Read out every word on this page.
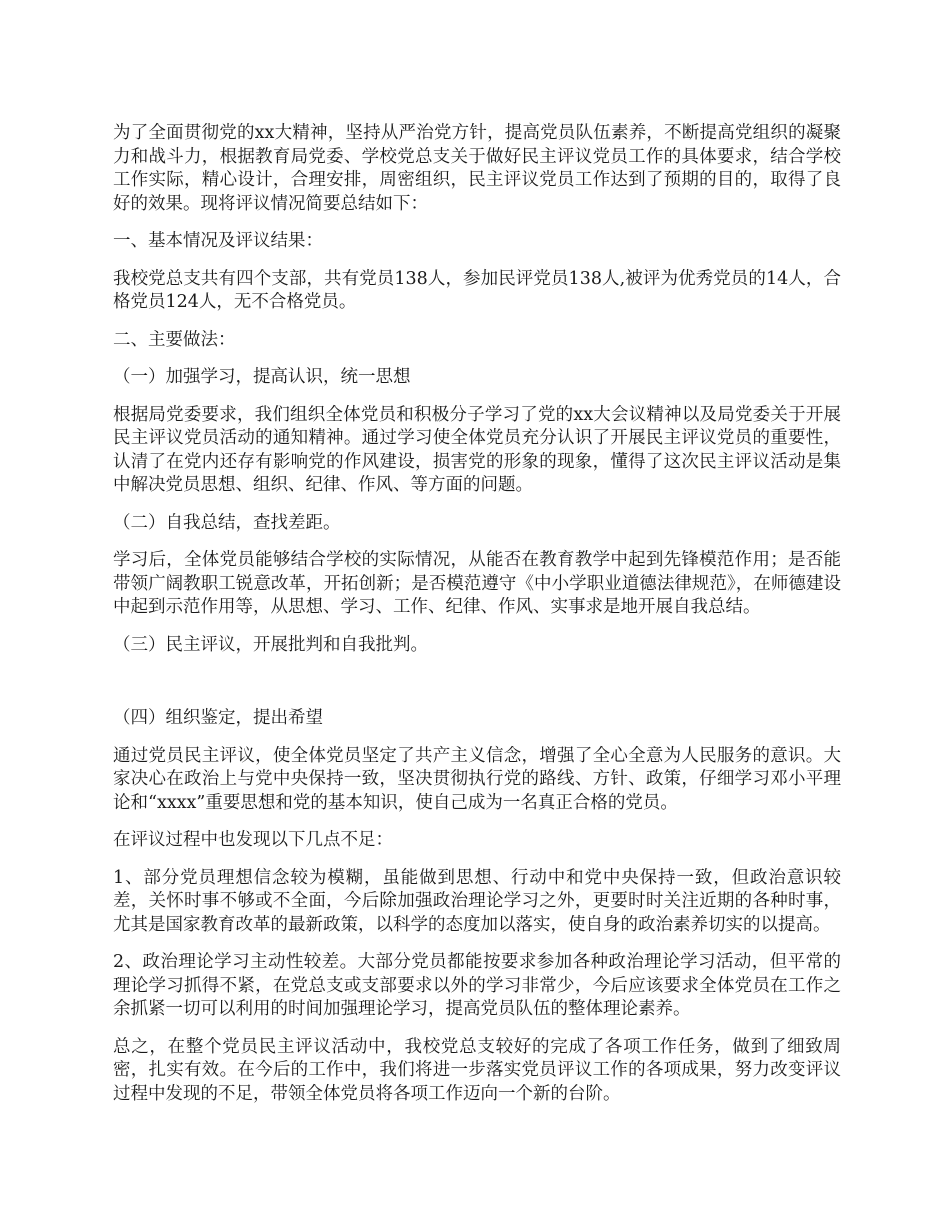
为了全面贯彻党的xx大精神，坚持从严治党方针，提高党员队伍素养，不断提高党组织的凝聚力和战斗力，根据教育局党委、学校党总支关于做好民主评议党员工作的具体要求，结合学校工作实际，精心设计，合理安排，周密组织，民主评议党员工作达到了预期的目的，取得了良好的效果。现将评议情况简要总结如下：

一、基本情况及评议结果：

我校党总支共有四个支部，共有党员138人，参加民评党员138人,被评为优秀党员的14人，合格党员124人，无不合格党员。

二、主要做法：

（一）加强学习，提高认识，统一思想

根据局党委要求，我们组织全体党员和积极分子学习了党的xx大会议精神以及局党委关于开展民主评议党员活动的通知精神。通过学习使全体党员充分认识了开展民主评议党员的重要性，认清了在党内还存有影响党的作风建设，损害党的形象的现象，懂得了这次民主评议活动是集中解决党员思想、组织、纪律、作风、等方面的问题。

（二）自我总结，查找差距。

学习后，全体党员能够结合学校的实际情况，从能否在教育教学中起到先锋模范作用；是否能带领广阔教职工锐意改革，开拓创新；是否模范遵守《中小学职业道德法律规范》，在师德建设中起到示范作用等，从思想、学习、工作、纪律、作风、实事求是地开展自我总结。

（三）民主评议，开展批判和自我批判。

（四）组织鉴定，提出希望

通过党员民主评议，使全体党员坚定了共产主义信念，增强了全心全意为人民服务的意识。大家决心在政治上与党中央保持一致，坚决贯彻执行党的路线、方针、政策，仔细学习邓小平理论和“xxxx”重要思想和党的基本知识，使自己成为一名真正合格的党员。

在评议过程中也发现以下几点不足：

1、部分党员理想信念较为模糊，虽能做到思想、行动中和党中央保持一致，但政治意识较差，关怀时事不够或不全面，今后除加强政治理论学习之外，更要时时关注近期的各种时事，尤其是国家教育改革的最新政策，以科学的态度加以落实，使自身的政治素养切实的以提高。

2、政治理论学习主动性较差。大部分党员都能按要求参加各种政治理论学习活动，但平常的理论学习抓得不紧，在党总支或支部要求以外的学习非常少，今后应该要求全体党员在工作之余抓紧一切可以利用的时间加强理论学习，提高党员队伍的整体理论素养。

总之，在整个党员民主评议活动中，我校党总支较好的完成了各项工作任务，做到了细致周密，扎实有效。在今后的工作中，我们将进一步落实党员评议工作的各项成果，努力改变评议过程中发现的不足，带领全体党员将各项工作迈向一个新的台阶。
